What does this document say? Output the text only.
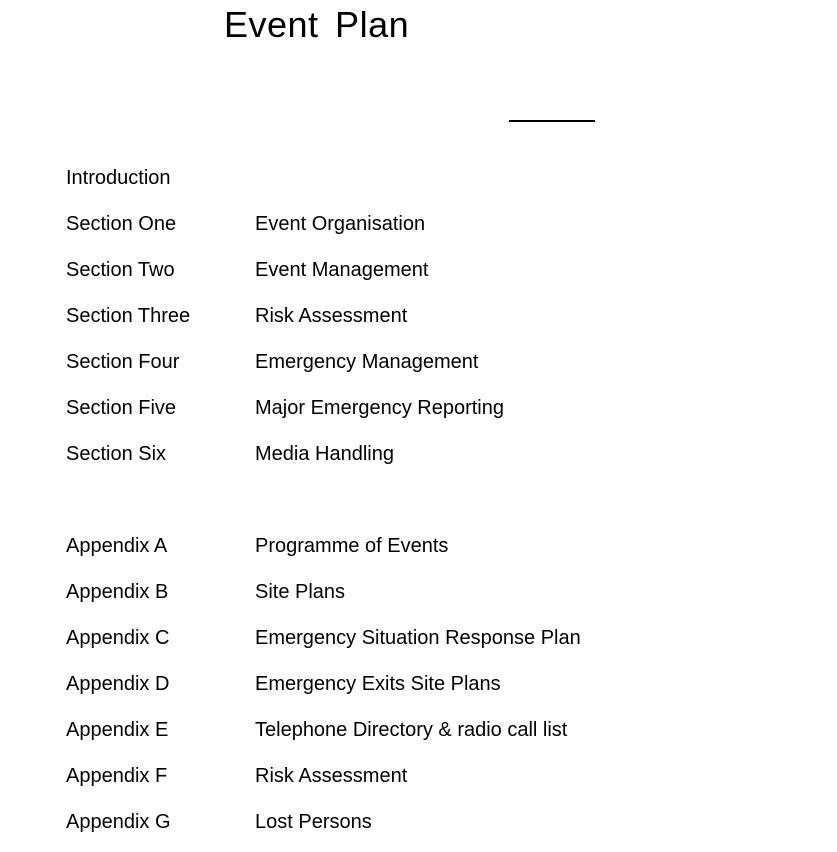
Event Plan
Introduction
Section One	Event Organisation
Section Two	Event Management
Section Three	Risk Assessment
Section Four	Emergency Management
Section Five	Major Emergency Reporting
Section Six	Media Handling
Appendix A	Programme of Events
Appendix B	Site Plans
Appendix C	Emergency Situation Response Plan
Appendix D	Emergency Exits Site Plans
Appendix E	Telephone Directory & radio call list
Appendix F	Risk Assessment
Appendix G	Lost Persons
